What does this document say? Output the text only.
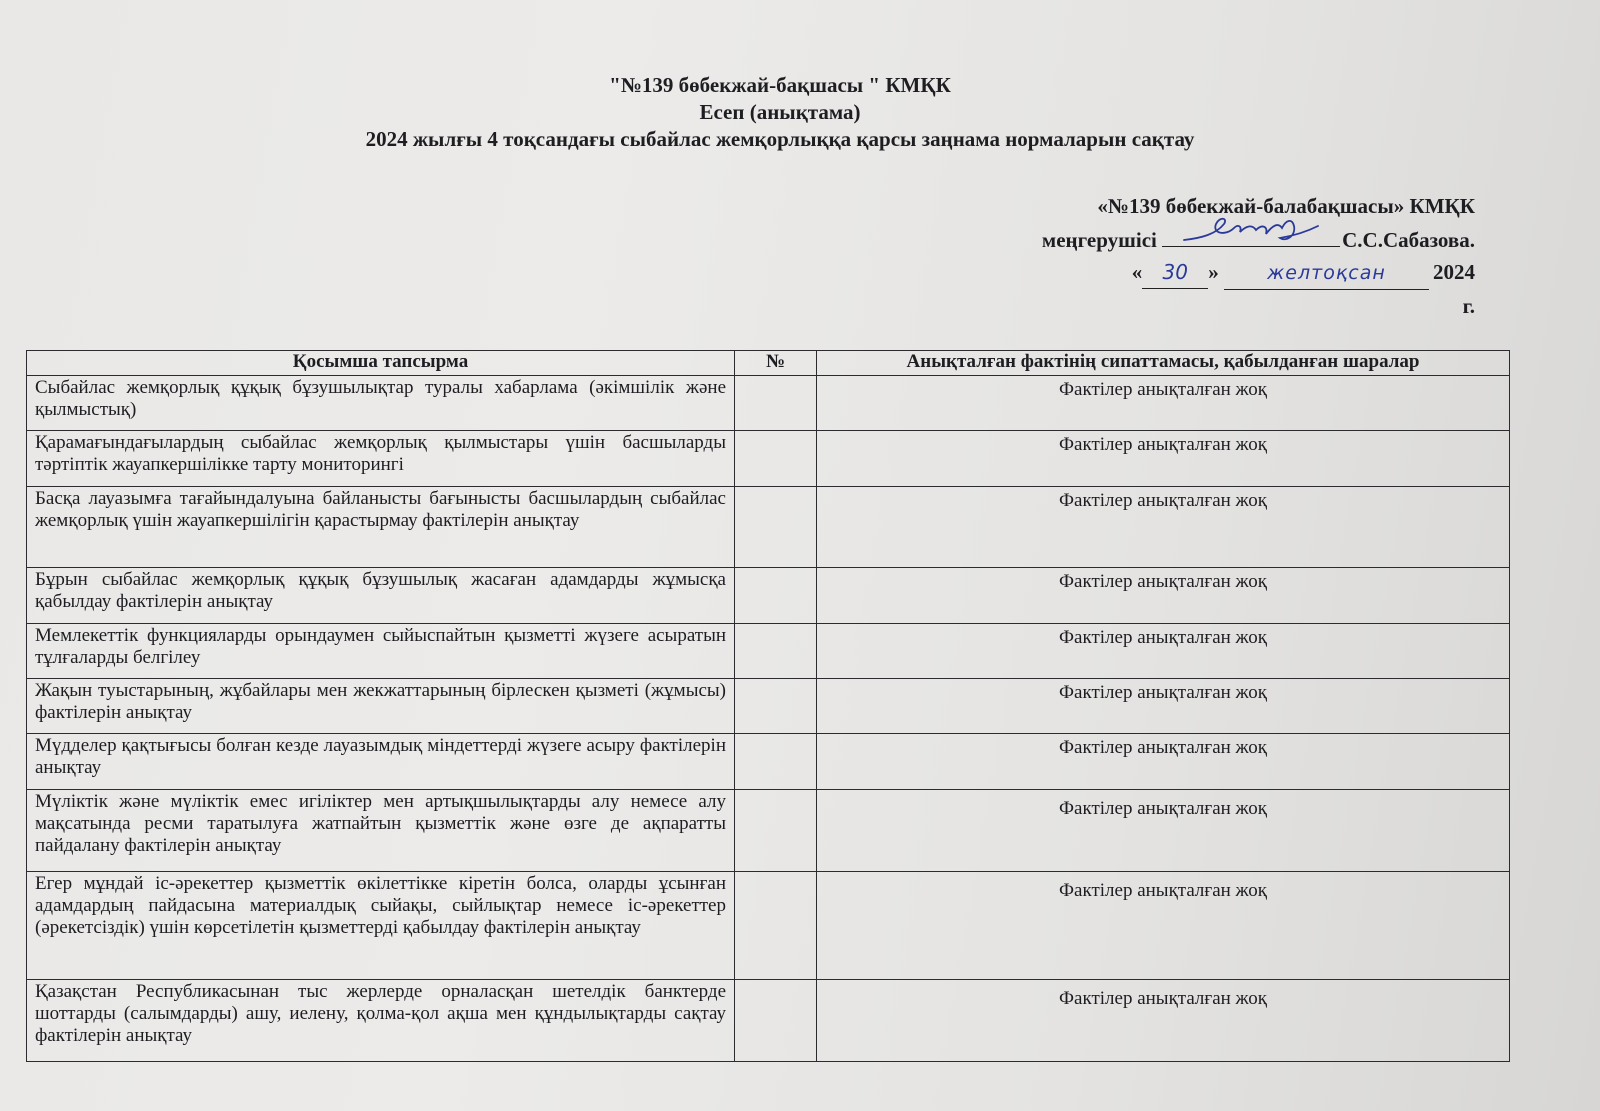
"№139 бөбекжай-бақшасы " КМҚК
Есеп (анықтама)
2024 жылғы 4 тоқсандағы сыбайлас жемқорлыққа қарсы заңнама нормаларын сақтау
«№139 бөбекжай-балабақшасы» КМҚК
меңгерушісі	С.С.Сабазова.
« 30 »	желтоқсан 2024
г.
Қосымша тапсырма	№	Анықталған фактінің сипаттамасы, қабылданған шаралар
Сыбайлас жемқорлық құқық бұзушылықтар туралы хабарлама (әкімшілік және қылмыстық)		Фактілер анықталған жоқ
Қарамағындағылардың сыбайлас жемқорлық қылмыстары үшін басшыларды тәртіптік жауапкершілікке тарту мониторингі		Фактілер анықталған жоқ
Басқа лауазымға тағайындалуына байланысты бағынысты басшылардың сыбайлас жемқорлық үшін жауапкершілігін қарастырмау фактілерін анықтау		Фактілер анықталған жоқ
Бұрын сыбайлас жемқорлық құқық бұзушылық жасаған адамдарды жұмысқа қабылдау фактілерін анықтау		Фактілер анықталған жоқ
Мемлекеттік функцияларды орындаумен сыйыспайтын қызметті жүзеге асыратын тұлғаларды белгілеу		Фактілер анықталған жоқ
Жақын туыстарының, жұбайлары мен жекжаттарының бірлескен қызметі (жұмысы) фактілерін анықтау		Фактілер анықталған жоқ
Мүдделер қақтығысы болған кезде лауазымдық міндеттерді жүзеге асыру фактілерін анықтау		Фактілер анықталған жоқ
Мүліктік және мүліктік емес игіліктер мен артықшылықтарды алу немесе алу мақсатында ресми таратылуға жатпайтын қызметтік және өзге де ақпаратты пайдалану фактілерін анықтау		Фактілер анықталған жоқ
Егер мұндай іс-әрекеттер қызметтік өкілеттікке кіретін болса, оларды ұсынған адамдардың пайдасына материалдық сыйақы, сыйлықтар немесе іс-әрекеттер (әрекетсіздік) үшін көрсетілетін қызметтерді қабылдау фактілерін анықтау		Фактілер анықталған жоқ
Қазақстан Республикасынан тыс жерлерде орналасқан шетелдік банктерде шоттарды (салымдарды) ашу, иелену, қолма-қол ақша мен құндылықтарды сақтау фактілерін анықтау		Фактілер анықталған жоқ
